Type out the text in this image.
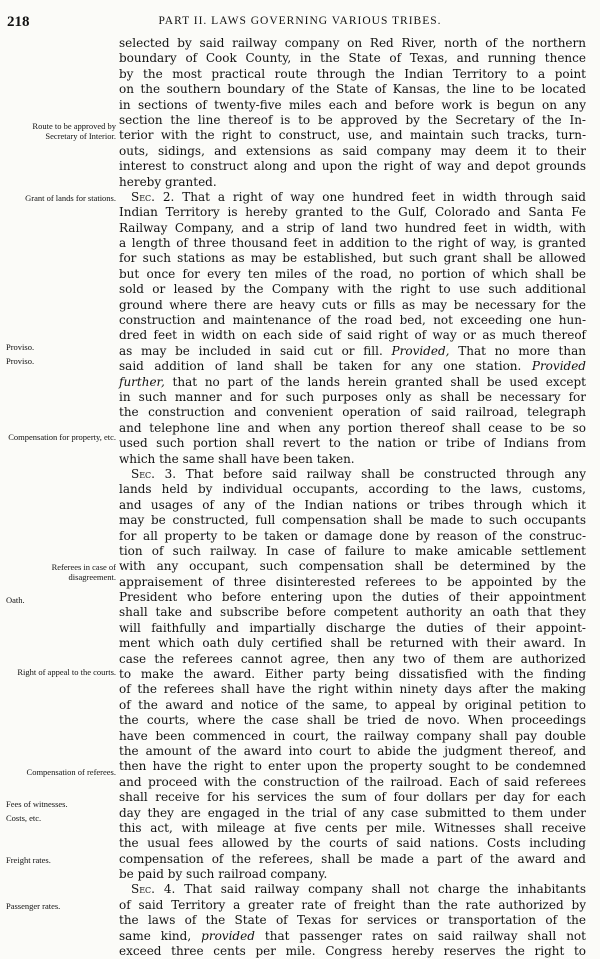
218	PART II. LAWS GOVERNING VARIOUS TRIBES.
Route to be approved by Secretary of Interior.
Grant of lands for stations.
Proviso.
Proviso.
Compensation for property, etc.
Referees in case of disagreement.
Oath.
Right of appeal to the courts.
Compensation of referees.
Fees of witnesses.
Costs, etc.
Freight rates.
Passenger rates.
selected by said railway company on Red River, north of the northern
boundary of Cook County, in the State of Texas, and running thence
by the most practical route through the Indian Territory to a point
on the southern boundary of the State of Kansas, the line to be located
in sections of twenty-five miles each and before work is begun on any
section the line thereof is to be approved by the Secretary of the In-
terior with the right to construct, use, and maintain such tracks, turn-
outs, sidings, and extensions as said company may deem it to their
interest to construct along and upon the right of way and depot grounds
hereby granted.
Sec. 2. That a right of way one hundred feet in width through said
Indian Territory is hereby granted to the Gulf, Colorado and Santa Fe
Railway Company, and a strip of land two hundred feet in width, with
a length of three thousand feet in addition to the right of way, is granted
for such stations as may be established, but such grant shall be allowed
but once for every ten miles of the road, no portion of which shall be
sold or leased by the Company with the right to use such additional
ground where there are heavy cuts or fills as may be necessary for the
construction and maintenance of the road bed, not exceeding one hun-
dred feet in width on each side of said right of way or as much thereof
as may be included in said cut or fill. Provided, That no more than
said addition of land shall be taken for any one station. Provided
further, that no part of the lands herein granted shall be used except
in such manner and for such purposes only as shall be necessary for
the construction and convenient operation of said railroad, telegraph
and telephone line and when any portion thereof shall cease to be so
used such portion shall revert to the nation or tribe of Indians from
which the same shall have been taken.
Sec. 3. That before said railway shall be constructed through any
lands held by individual occupants, according to the laws, customs,
and usages of any of the Indian nations or tribes through which it
may be constructed, full compensation shall be made to such occupants
for all property to be taken or damage done by reason of the construc-
tion of such railway. In case of failure to make amicable settlement
with any occupant, such compensation shall be determined by the
appraisement of three disinterested referees to be appointed by the
President who before entering upon the duties of their appointment
shall take and subscribe before competent authority an oath that they
will faithfully and impartially discharge the duties of their appoint-
ment which oath duly certified shall be returned with their award. In
case the referees cannot agree, then any two of them are authorized
to make the award. Either party being dissatisfied with the finding
of the referees shall have the right within ninety days after the making
of the award and notice of the same, to appeal by original petition to
the courts, where the case shall be tried de novo. When proceedings
have been commenced in court, the railway company shall pay double
the amount of the award into court to abide the judgment thereof, and
then have the right to enter upon the property sought to be condemned
and proceed with the construction of the railroad. Each of said referees
shall receive for his services the sum of four dollars per day for each
day they are engaged in the trial of any case submitted to them under
this act, with mileage at five cents per mile. Witnesses shall receive
the usual fees allowed by the courts of said nations. Costs including
compensation of the referees, shall be made a part of the award and
be paid by such railroad company.
Sec. 4. That said railway company shall not charge the inhabitants
of said Territory a greater rate of freight than the rate authorized by
the laws of the State of Texas for services or transportation of the
same kind, provided that passenger rates on said railway shall not
exceed three cents per mile. Congress hereby reserves the right to
